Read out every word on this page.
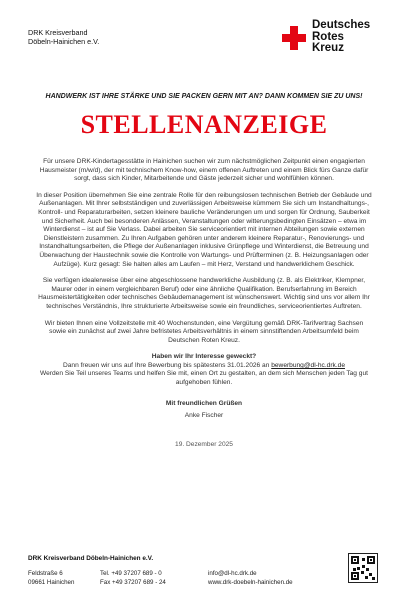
DRK Kreisverband
Döbeln-Hainichen e.V.
Deutsches
Rotes
Kreuz
HANDWERK IST IHRE STÄRKE UND SIE PACKEN GERN MIT AN? DANN KOMMEN SIE ZU UNS!
STELLENANZEIGE

Für unsere DRK-Kindertagesstätte in Hainichen suchen wir zum nächstmöglichen Zeitpunkt einen engagierten Hausmeister (m/w/d), der mit technischem Know-how, einem offenen Auftreten und einem Blick fürs Ganze dafür sorgt, dass sich Kinder, Mitarbeitende und Gäste jederzeit sicher und wohlfühlen können.

In dieser Position übernehmen Sie eine zentrale Rolle für den reibungslosen technischen Betrieb der Gebäude und Außenanlagen. Mit Ihrer selbstständigen und zuverlässigen Arbeitsweise kümmern Sie sich um Instandhaltungs-, Kontroll- und Reparaturarbeiten, setzen kleinere bauliche Veränderungen um und sorgen für Ordnung, Sauberkeit und Sicherheit. Auch bei besonderen Anlässen, Veranstaltungen oder witterungsbedingten Einsätzen – etwa im Winterdienst – ist auf Sie Verlass. Dabei arbeiten Sie serviceorientiert mit internen Abteilungen sowie externen Dienstleistern zusammen. Zu Ihren Aufgaben gehören unter anderem kleinere Reparatur-, Renovierungs- und Instandhaltungsarbeiten, die Pflege der Außenanlagen inklusive Grünpflege und Winterdienst, die Betreuung und Überwachung der Haustechnik sowie die Kontrolle von Wartungs- und Prüfterminen (z. B. Heizungsanlagen oder Aufzüge). Kurz gesagt: Sie halten alles am Laufen – mit Herz, Verstand und handwerklichem Geschick.

Sie verfügen idealerweise über eine abgeschlossene handwerkliche Ausbildung (z. B. als Elektriker, Klempner, Maurer oder in einem vergleichbaren Beruf) oder eine ähnliche Qualifikation. Berufserfahrung im Bereich Hausmeistertätigkeiten oder technisches Gebäudemanagement ist wünschenswert. Wichtig sind uns vor allem Ihr technisches Verständnis, Ihre strukturierte Arbeitsweise sowie ein freundliches, serviceorientiertes Auftreten.

Wir bieten Ihnen eine Vollzeitstelle mit 40 Wochenstunden, eine Vergütung gemäß DRK-Tarifvertrag Sachsen sowie ein zunächst auf zwei Jahre befristetes Arbeitsverhältnis in einem sinnstiftenden Arbeitsumfeld beim Deutschen Roten Kreuz.

Haben wir Ihr Interesse geweckt?

Dann freuen wir uns auf Ihre Bewerbung bis spätestens 31.01.2026 an bewerbung@dl-hc.drk.de

Werden Sie Teil unseres Teams und helfen Sie mit, einen Ort zu gestalten, an dem sich Menschen jeden Tag gut aufgehoben fühlen.

Mit freundlichen Grüßen

Anke Fischer

19. Dezember 2025

DRK Kreisverband Döbeln-Hainichen e.V.
Feldstraße 6
09661 Hainichen
Tel. +49 37207 689 - 0
Fax +49 37207 689 - 24
info@dl-hc.drk.de
www.drk-doebeln-hainichen.de
